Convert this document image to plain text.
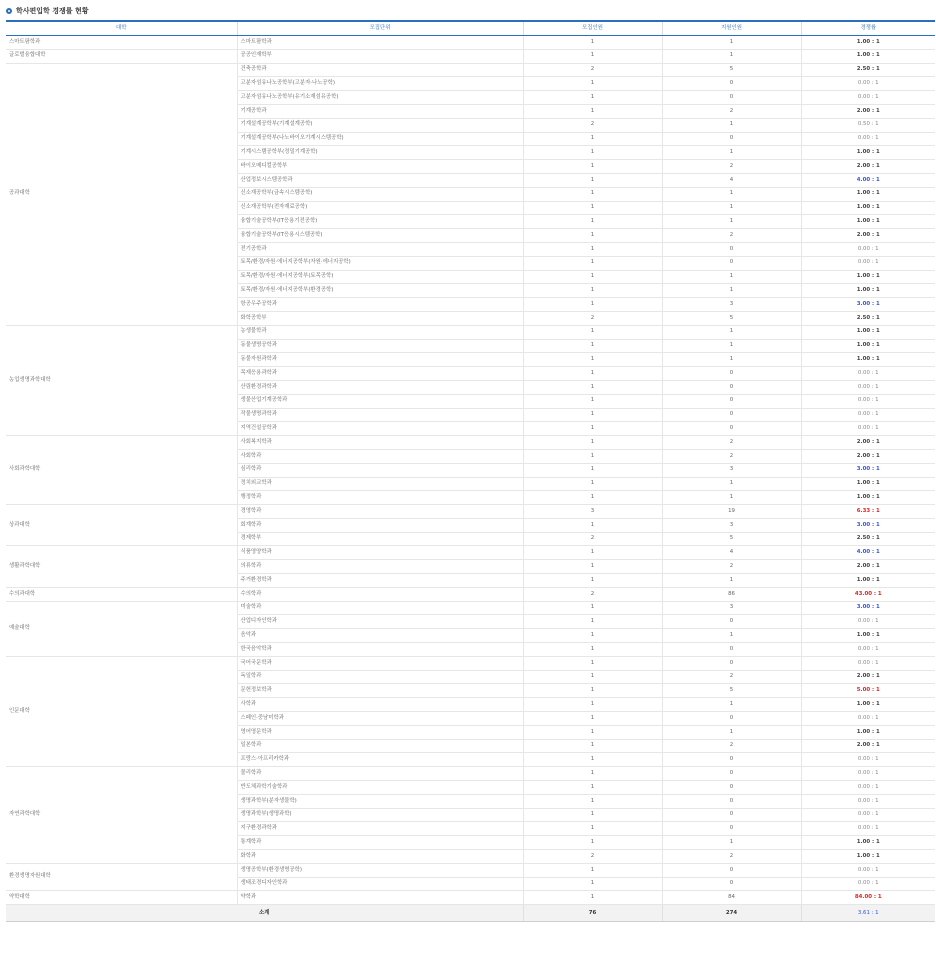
학사편입학 경쟁률 현황
대학	모집단위	모집인원	지원인원	경쟁률
스마트팜학과	스마트팜학과	1	1	1.00 : 1
글로벌융합대학	공공인재학부	1	1	1.00 : 1
공과대학	건축공학과	2	5	2.50 : 1
	고분자섬유나노공학부(고분자·나노공학)	1	0	0.00 : 1
	고분자섬유나노공학부(유기소재섬유공학)	1	0	0.00 : 1
	기계공학과	1	2	2.00 : 1
	기계설계공학부(기계설계공학)	2	1	0.50 : 1
	기계설계공학부(나노바이오기계시스템공학)	1	0	0.00 : 1
	기계시스템공학부(정밀기계공학)	1	1	1.00 : 1
	바이오메디컬공학부	1	2	2.00 : 1
	산업정보시스템공학과	1	4	4.00 : 1
	신소재공학부(금속시스템공학)	1	1	1.00 : 1
	신소재공학부(전자재료공학)	1	1	1.00 : 1
	융합기술공학부(IT응용기전공학)	1	1	1.00 : 1
	융합기술공학부(IT응용시스템공학)	1	2	2.00 : 1
	전기공학과	1	0	0.00 : 1
	토목/환경/자원·에너지공학부(자원·에너지공학)	1	0	0.00 : 1
	토목/환경/자원·에너지공학부(토목공학)	1	1	1.00 : 1
	토목/환경/자원·에너지공학부(환경공학)	1	1	1.00 : 1
	항공우주공학과	1	3	3.00 : 1
	화학공학부	2	5	2.50 : 1
농업생명과학대학	농생물학과	1	1	1.00 : 1
	동물생명공학과	1	1	1.00 : 1
	동물자원과학과	1	1	1.00 : 1
	목재응용과학과	1	0	0.00 : 1
	산림환경과학과	1	0	0.00 : 1
	생물산업기계공학과	1	0	0.00 : 1
	작물생명과학과	1	0	0.00 : 1
	지역건설공학과	1	0	0.00 : 1
사회과학대학	사회복지학과	1	2	2.00 : 1
	사회학과	1	2	2.00 : 1
	심리학과	1	3	3.00 : 1
	정치외교학과	1	1	1.00 : 1
	행정학과	1	1	1.00 : 1
상과대학	경영학과	3	19	6.33 : 1
	회계학과	1	3	3.00 : 1
	경제학부	2	5	2.50 : 1
생활과학대학	식품영양학과	1	4	4.00 : 1
	의류학과	1	2	2.00 : 1
	주거환경학과	1	1	1.00 : 1
수의과대학	수의학과	2	86	43.00 : 1
예술대학	미술학과	1	3	3.00 : 1
	산업디자인학과	1	0	0.00 : 1
	음악과	1	1	1.00 : 1
	한국음악학과	1	0	0.00 : 1
인문대학	국어국문학과	1	0	0.00 : 1
	독일학과	1	2	2.00 : 1
	문헌정보학과	1	5	5.00 : 1
	사학과	1	1	1.00 : 1
	스페인·중남미학과	1	0	0.00 : 1
	영어영문학과	1	1	1.00 : 1
	일본학과	1	2	2.00 : 1
	프랑스·아프리카학과	1	0	0.00 : 1
자연과학대학	물리학과	1	0	0.00 : 1
	반도체과학기술학과	1	0	0.00 : 1
	생명과학부(분자생물학)	1	0	0.00 : 1
	생명과학부(생명과학)	1	0	0.00 : 1
	지구환경과학과	1	0	0.00 : 1
	통계학과	1	1	1.00 : 1
	화학과	2	2	1.00 : 1
환경생명자원대학	생명공학부(환경생명공학)	1	0	0.00 : 1
	생태조경디자인학과	1	0	0.00 : 1
약학대학	약학과	1	84	84.00 : 1
소계		76	274	3.61 : 1
